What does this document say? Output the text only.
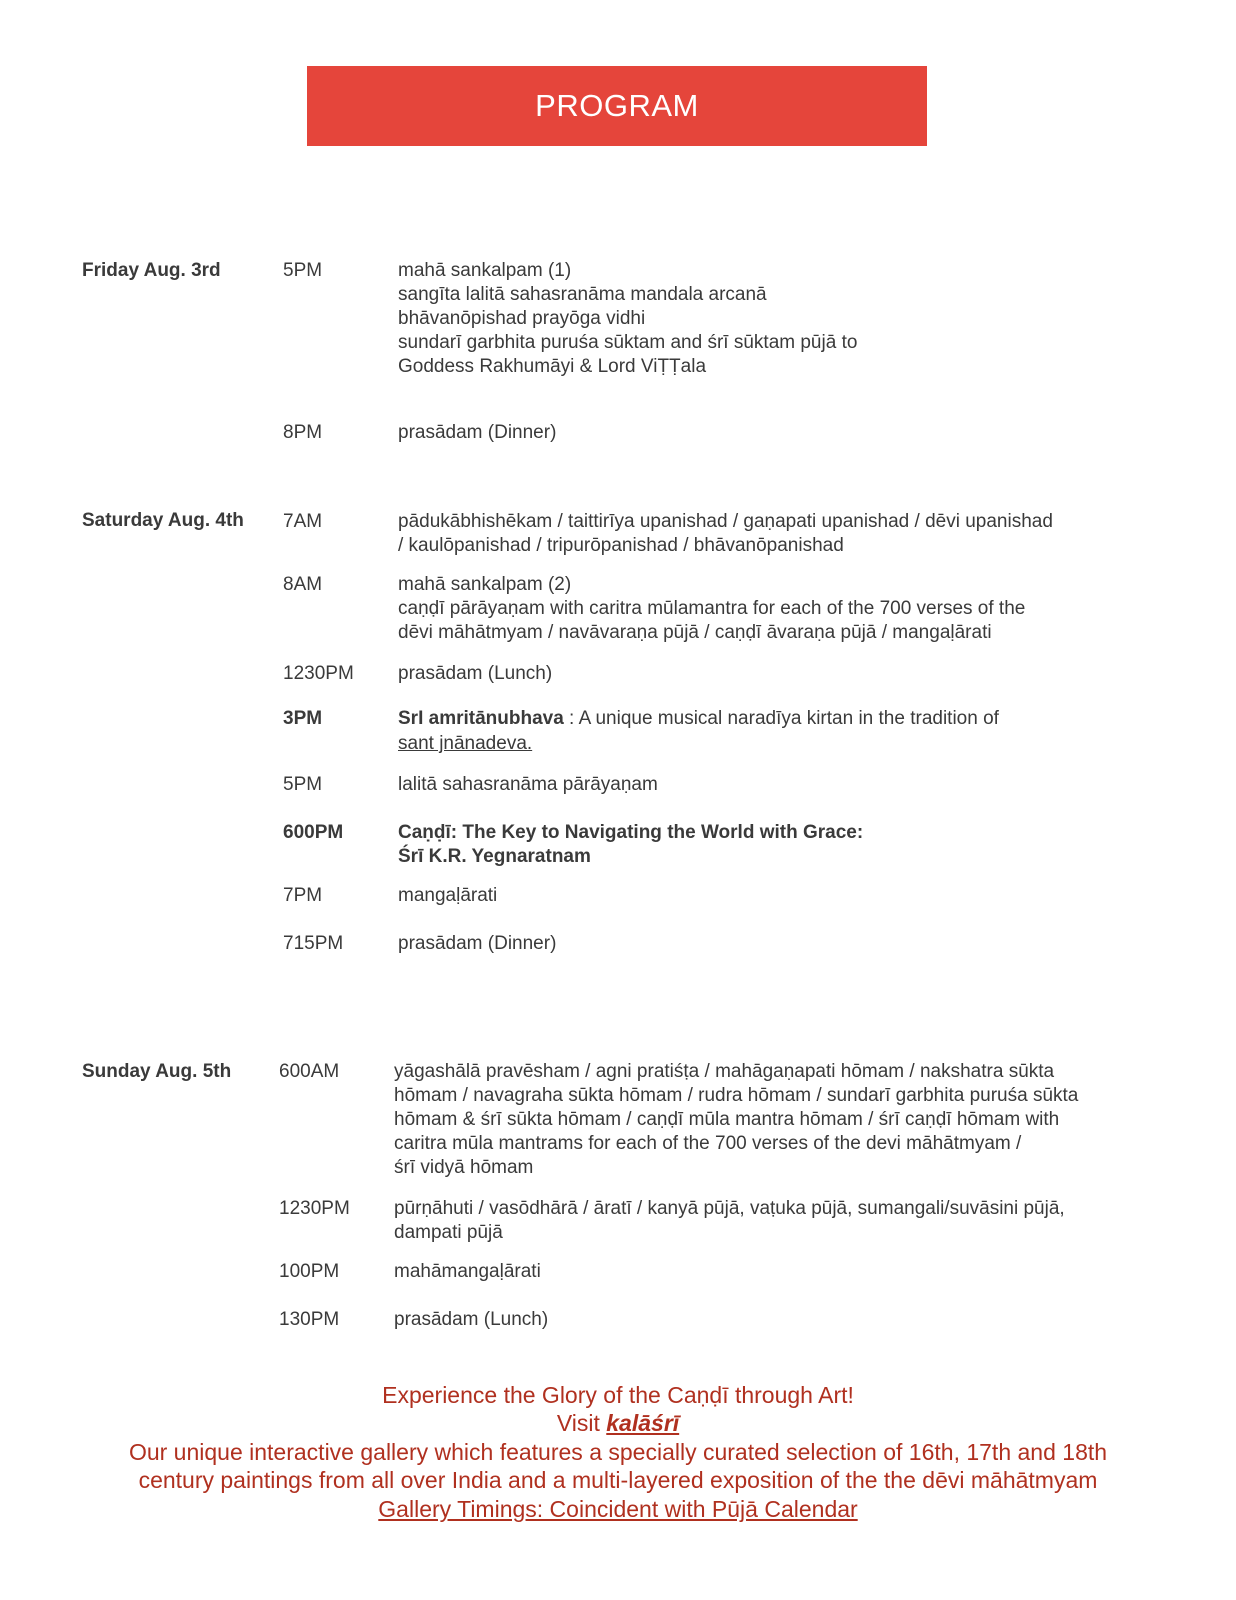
PROGRAM
Friday Aug. 3rd	5PM	mahā sankalpam (1)
sangīta lalitā sahasranāma mandala arcanā
bhāvanōpishad prayōga vidhi
sundarī garbhita puruśa sūktam and śrī sūktam pūjā to
Goddess Rakhumāyi & Lord ViṬṬala
8PM	prasādam (Dinner)
Saturday Aug. 4th 7AM	pādukābhishēkam / taittirīya upanishad / gaṇapati upanishad / dēvi upanishad
/ kaulōpanishad / tripurōpanishad / bhāvanōpanishad
8AM	mahā sankalpam (2)
caṇḍī pārāyaṇam with caritra mūlamantra for each of the 700 verses of the
dēvi māhātmyam / navāvaraṇa pūjā / caṇḍī āvaraṇa pūjā / mangaḷārati
1230PM prasādam (Lunch)
3PM	SrI amritānubhava : A unique musical naradīya kirtan in the tradition of
sant jnānadeva.
5PM	lalitā sahasranāma pārāyaṇam
600PM	Caṇḍī: The Key to Navigating the World with Grace:
Śrī K.R. Yegnaratnam
7PM	mangaḷārati
715PM	prasādam (Dinner)
Sunday Aug. 5th	600AM	yāgashālā pravēsham / agni pratiśṭa / mahāgaṇapati hōmam / nakshatra sūkta
hōmam / navagraha sūkta hōmam / rudra hōmam / sundarī garbhita puruśa sūkta
hōmam & śrī sūkta hōmam / caṇḍī mūla mantra hōmam / śrī caṇḍī hōmam with
caritra mūla mantrams for each of the 700 verses of the devi māhātmyam /
śrī vidyā hōmam
1230PM pūrṇāhuti / vasōdhārā / āratī / kanyā pūjā, vaṭuka pūjā, sumangali/suvāsini pūjā,
dampati pūjā
100PM	mahāmangaḷārati
130PM	prasādam (Lunch)
Experience the Glory of the Caṇḍī through Art!
Visit kalāśrī
Our unique interactive gallery which features a specially curated selection of 16th, 17th and 18th
century paintings from all over India and a multi-layered exposition of the the dēvi māhātmyam
Gallery Timings: Coincident with Pūjā Calendar
